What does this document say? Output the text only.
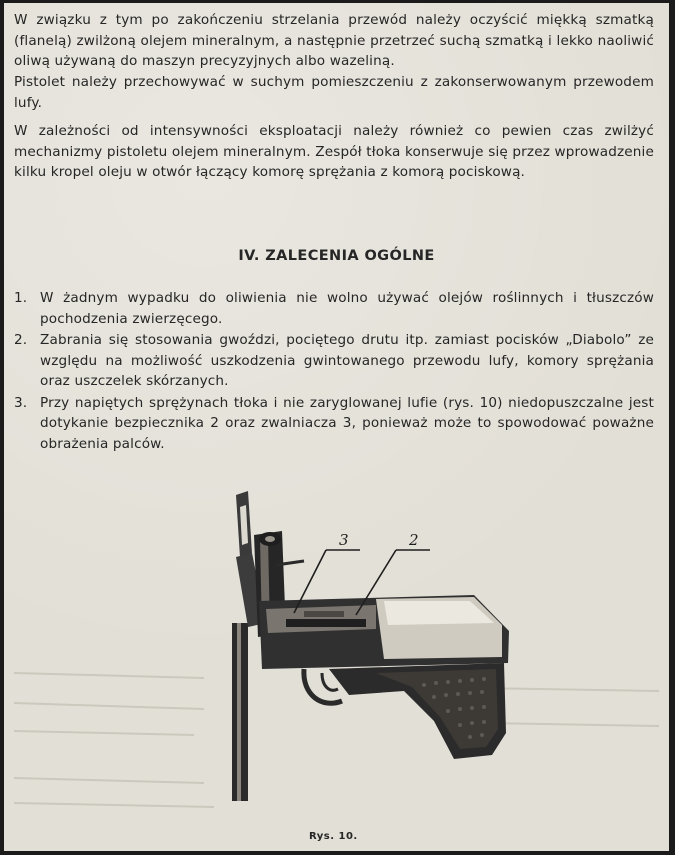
W związku z tym po zakończeniu strzelania przewód należy oczyścić miękką szmatką (flanelą) zwilżoną olejem mineralnym, a następnie przetrzeć suchą szmatką i lekko naoliwić oliwą używaną do maszyn precyzyjnych albo wazeliną.

Pistolet należy przechowywać w suchym pomieszczeniu z zakonserwowanym przewodem lufy.

W zależności od intensywności eksploatacji należy również co pewien czas zwilżyć mechanizmy pistoletu olejem mineralnym. Zespół tłoka konserwuje się przez wprowadzenie kilku kropel oleju w otwór łączący komorę sprężania z komorą pociskową.

IV. ZALECENIA OGÓLNE
1. W żadnym wypadku do oliwienia nie wolno używać olejów roślinnych i tłuszczów pochodzenia zwierzęcego.
2. Zabrania się stosowania gwoździ, pociętego drutu itp. zamiast pocisków „Diabolo” ze względu na możliwość uszkodzenia gwintowanego przewodu lufy, komory sprężania oraz uszczelek skórzanych.
3. Przy napiętych sprężynach tłoka i nie zaryglowanej lufie (rys. 10) niedopuszczalne jest dotykanie bezpiecznika 2 oraz zwalniacza 3, ponieważ może to spowodować poważne obrażenia palców.
3	2
Rys. 10.
